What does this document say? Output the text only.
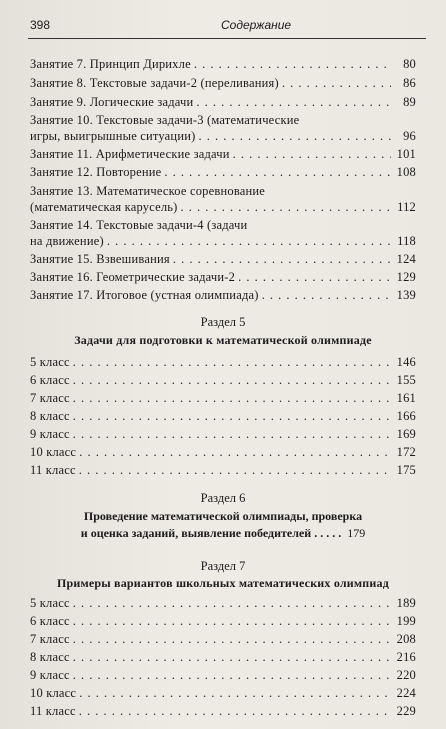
398	Содержание
Занятие 7. Принцип Дирихле . . .	80
Занятие 8. Текстовые задачи-2 (переливания) . . .	86
Занятие 9. Логические задачи . . .	89
Занятие 10. Текстовые задачи-3 (математические
игры, выигрышные ситуации) . . .	96
Занятие 11. Арифметические задачи . . .	101
Занятие 12. Повторение . . .	108
Занятие 13. Математическое соревнование
(математическая карусель) . . .	112
Занятие 14. Текстовые задачи-4 (задачи
на движение) . . .	118
Занятие 15. Взвешивания . . .	124
Занятие 16. Геометрические задачи-2 . . .	129
Занятие 17. Итоговое (устная олимпиада) . . .	139
Раздел 5
Задачи для подготовки к математической олимпиаде
5 класс . . .	146
6 класс . . .	155
7 класс . . .	161
8 класс . . .	166
9 класс . . .	169
10 класс . . .	172
11 класс . . .	175
Раздел 6
Проведение математической олимпиады, проверка
и оценка заданий, выявление победителей . . . . . 179
Раздел 7
Примеры вариантов школьных математических олимпиад
5 класс . . .	189
6 класс . . .	199
7 класс . . .	208
8 класс . . .	216
9 класс . . .	220
10 класс . . .	224
11 класс . . .	229
